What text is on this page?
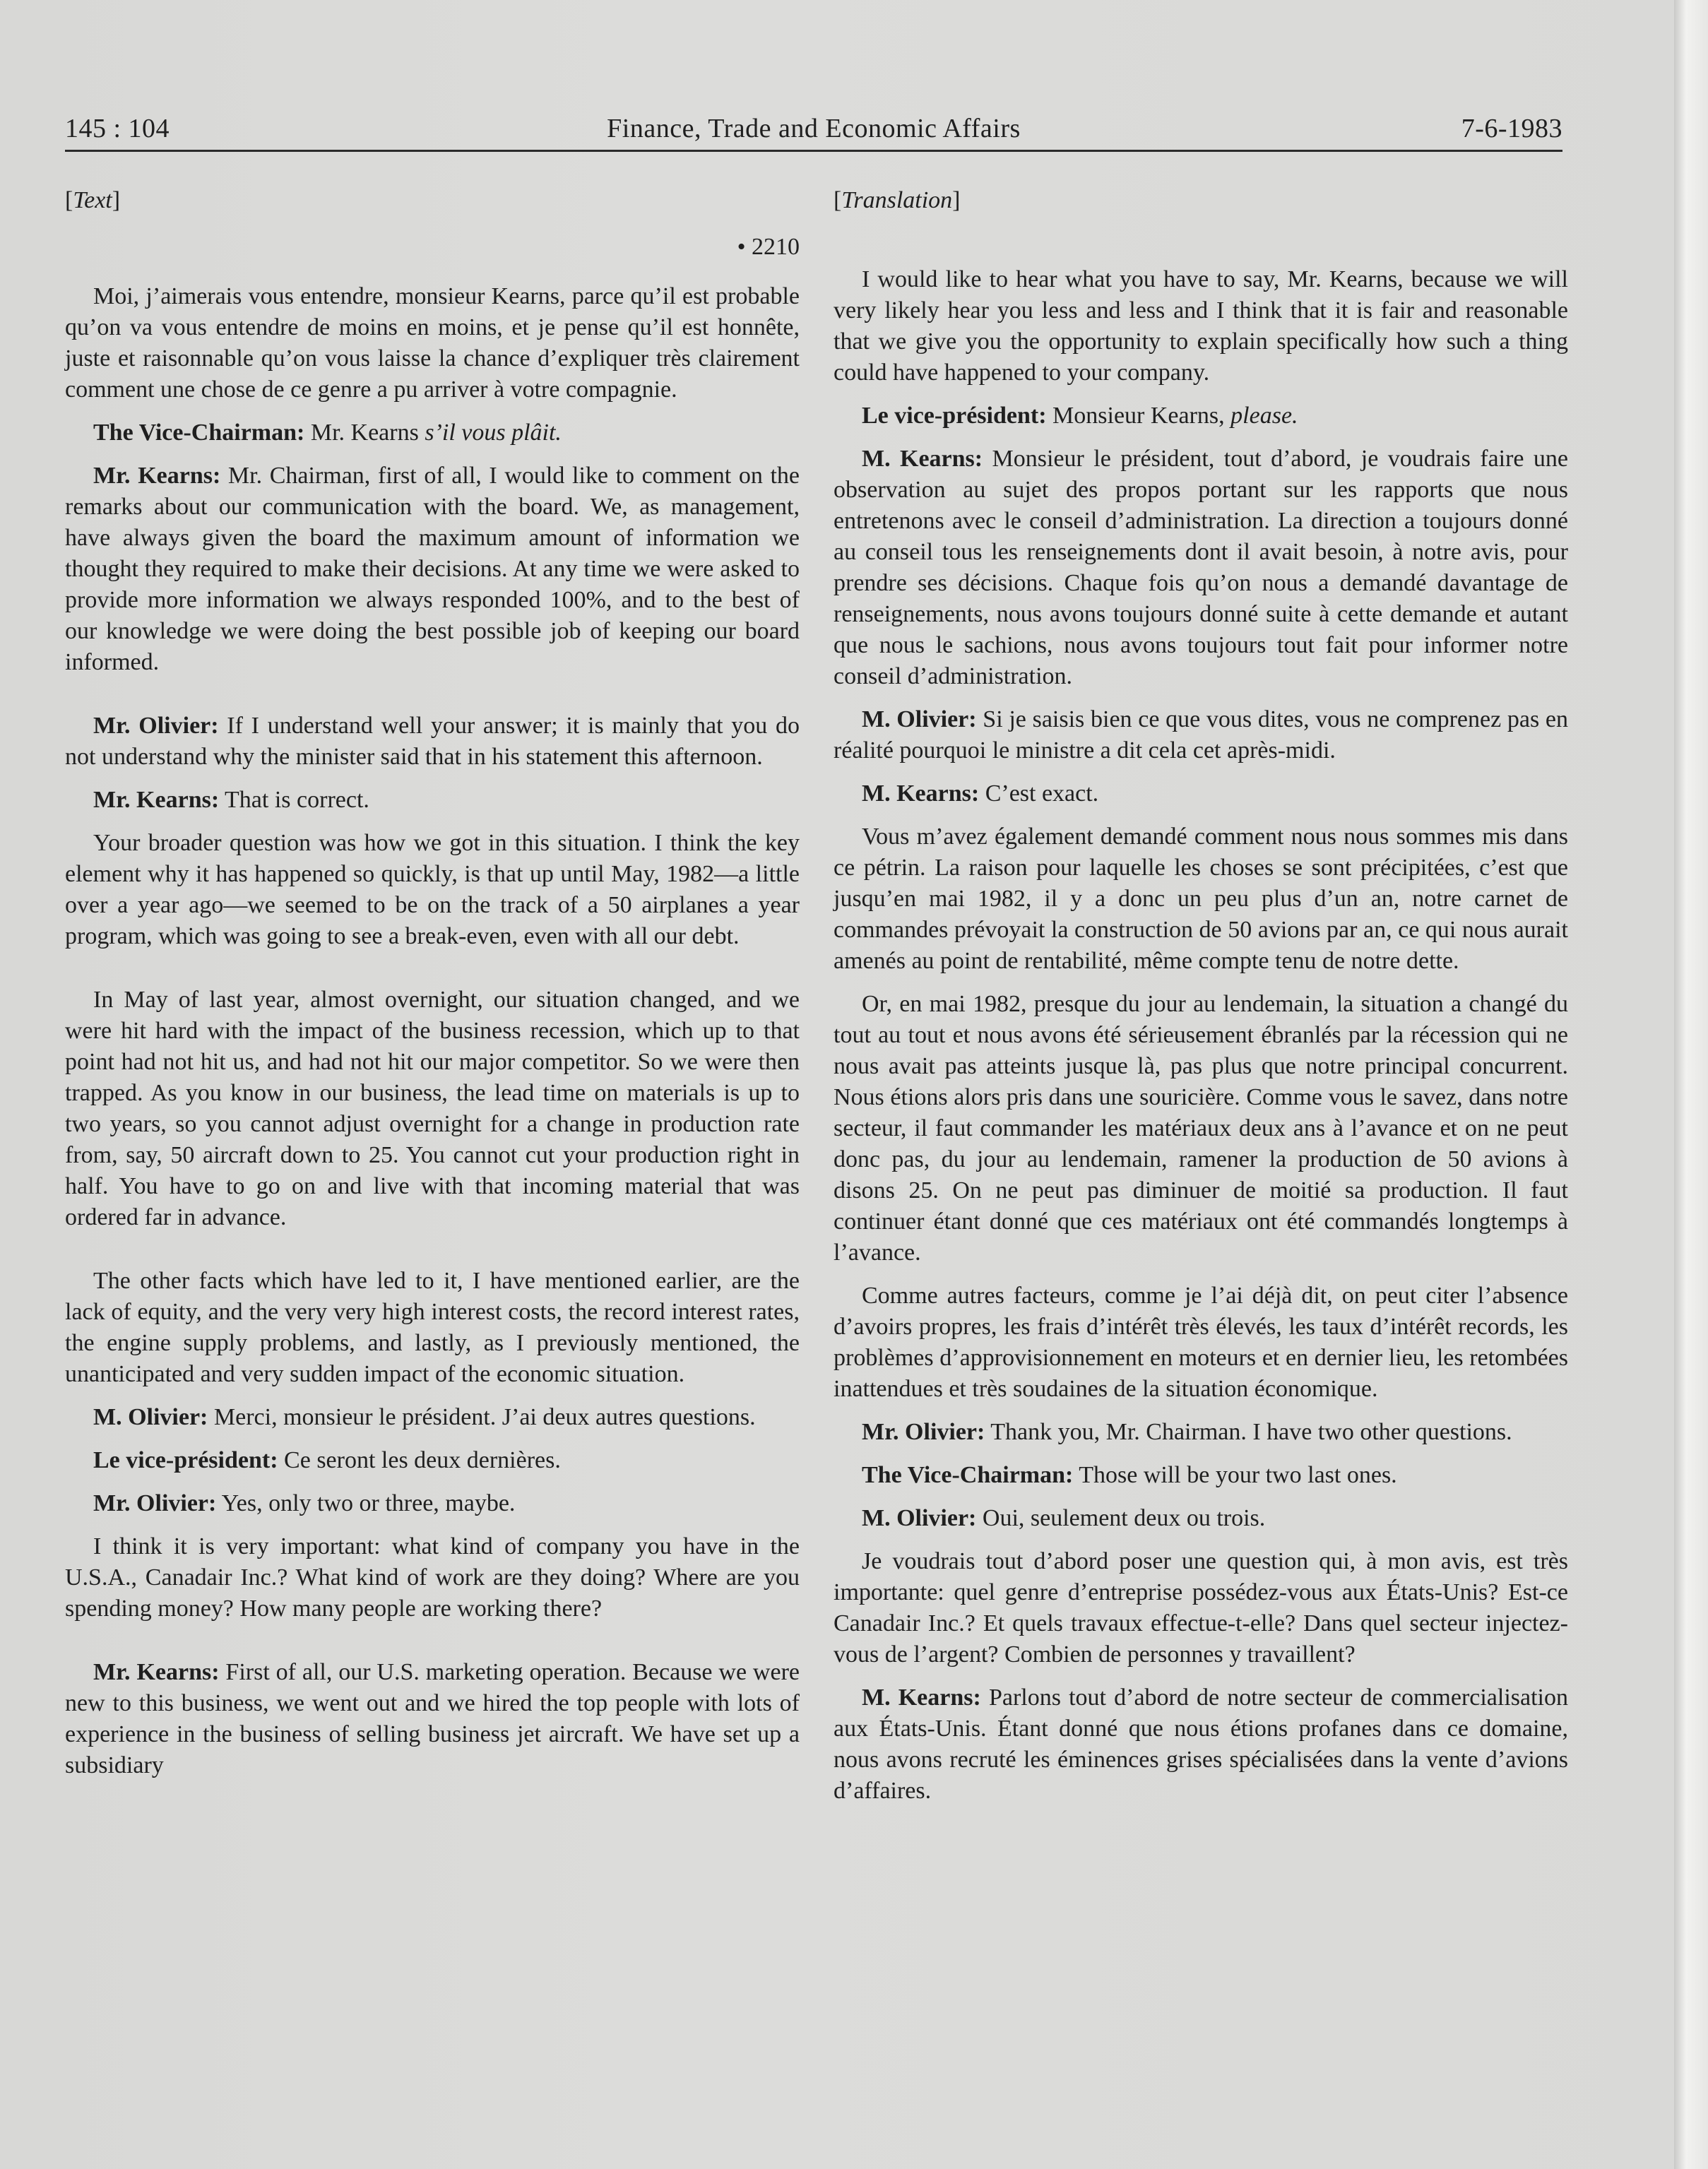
Finance, Trade and Economic Affairs
145 : 104	7-6-1983
[Text]
• 2210

Moi, j’aimerais vous entendre, monsieur Kearns, parce qu’il est probable qu’on va vous entendre de moins en moins, et je pense qu’il est honnête, juste et raisonnable qu’on vous laisse la chance d’expliquer très clairement comment une chose de ce genre a pu arriver à votre compagnie.

The Vice-Chairman: Mr. Kearns s’il vous plâit.

Mr. Kearns: Mr. Chairman, first of all, I would like to comment on the remarks about our communication with the board. We, as management, have always given the board the maximum amount of information we thought they required to make their decisions. At any time we were asked to provide more information we always responded 100%, and to the best of our knowledge we were doing the best possible job of keeping our board informed.

Mr. Olivier: If I understand well your answer; it is mainly that you do not understand why the minister said that in his statement this afternoon.

Mr. Kearns: That is correct.

Your broader question was how we got in this situation. I think the key element why it has happened so quickly, is that up until May, 1982—a little over a year ago—we seemed to be on the track of a 50 airplanes a year program, which was going to see a break-even, even with all our debt.

In May of last year, almost overnight, our situation changed, and we were hit hard with the impact of the business recession, which up to that point had not hit us, and had not hit our major competitor. So we were then trapped. As you know in our business, the lead time on materials is up to two years, so you cannot adjust overnight for a change in production rate from, say, 50 aircraft down to 25. You cannot cut your production right in half. You have to go on and live with that incoming material that was ordered far in advance.

The other facts which have led to it, I have mentioned earlier, are the lack of equity, and the very very high interest costs, the record interest rates, the engine supply problems, and lastly, as I previously mentioned, the unanticipated and very sudden impact of the economic situation.

M. Olivier: Merci, monsieur le président. J’ai deux autres questions.

Le vice-président: Ce seront les deux dernières.

Mr. Olivier: Yes, only two or three, maybe.

I think it is very important: what kind of company you have in the U.S.A., Canadair Inc.? What kind of work are they doing? Where are you spending money? How many people are working there?

Mr. Kearns: First of all, our U.S. marketing operation. Because we were new to this business, we went out and we hired the top people with lots of experience in the business of selling business jet aircraft. We have set up a subsidiary

[Translation]

I would like to hear what you have to say, Mr. Kearns, because we will very likely hear you less and less and I think that it is fair and reasonable that we give you the opportunity to explain specifically how such a thing could have happened to your company.

Le vice-président: Monsieur Kearns, please.

M. Kearns: Monsieur le président, tout d’abord, je voudrais faire une observation au sujet des propos portant sur les rapports que nous entretenons avec le conseil d’administration. La direction a toujours donné au conseil tous les renseignements dont il avait besoin, à notre avis, pour prendre ses décisions. Chaque fois qu’on nous a demandé davantage de renseignements, nous avons toujours donné suite à cette demande et autant que nous le sachions, nous avons toujours tout fait pour informer notre conseil d’administration.

M. Olivier: Si je saisis bien ce que vous dites, vous ne comprenez pas en réalité pourquoi le ministre a dit cela cet après-midi.

M. Kearns: C’est exact.

Vous m’avez également demandé comment nous nous sommes mis dans ce pétrin. La raison pour laquelle les choses se sont précipitées, c’est que jusqu’en mai 1982, il y a donc un peu plus d’un an, notre carnet de commandes prévoyait la construction de 50 avions par an, ce qui nous aurait amenés au point de rentabilité, même compte tenu de notre dette.

Or, en mai 1982, presque du jour au lendemain, la situation a changé du tout au tout et nous avons été sérieusement ébranlés par la récession qui ne nous avait pas atteints jusque là, pas plus que notre principal concurrent. Nous étions alors pris dans une souricière. Comme vous le savez, dans notre secteur, il faut commander les matériaux deux ans à l’avance et on ne peut donc pas, du jour au lendemain, ramener la production de 50 avions à disons 25. On ne peut pas diminuer de moitié sa production. Il faut continuer étant donné que ces matériaux ont été commandés longtemps à l’avance.

Comme autres facteurs, comme je l’ai déjà dit, on peut citer l’absence d’avoirs propres, les frais d’intérêt très élevés, les taux d’intérêt records, les problèmes d’approvisionnement en moteurs et en dernier lieu, les retombées inattendues et très soudaines de la situation économique.

Mr. Olivier: Thank you, Mr. Chairman. I have two other questions.

The Vice-Chairman: Those will be your two last ones.

M. Olivier: Oui, seulement deux ou trois.

Je voudrais tout d’abord poser une question qui, à mon avis, est très importante: quel genre d’entreprise possédez-vous aux États-Unis? Est-ce Canadair Inc.? Et quels travaux effectue-t-elle? Dans quel secteur injectez-vous de l’argent? Combien de personnes y travaillent?

M. Kearns: Parlons tout d’abord de notre secteur de commercialisation aux États-Unis. Étant donné que nous étions profanes dans ce domaine, nous avons recruté les éminences grises spécialisées dans la vente d’avions d’affaires.
